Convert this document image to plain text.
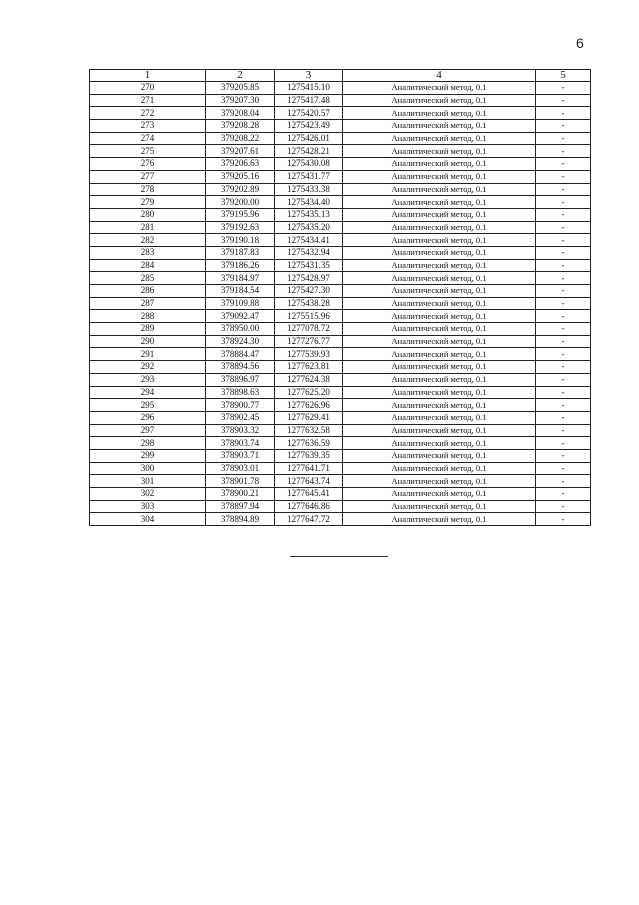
6
1	2	3	4	5
270	379205.85	1275415.10	Аналитический метод, 0.1	-
271	379207.30	1275417.48	Аналитический метод, 0.1	-
272	379208.04	1275420.57	Аналитический метод, 0.1	-
273	379208.28	1275423.49	Аналитический метод, 0.1	-
274	379208.22	1275426.01	Аналитический метод, 0.1	-
275	379207.61	1275428.21	Аналитический метод, 0.1	-
276	379206.63	1275430.08	Аналитический метод, 0.1	-
277	379205.16	1275431.77	Аналитический метод, 0.1	-
278	379202.89	1275433.38	Аналитический метод, 0.1	-
279	379200.00	1275434.40	Аналитический метод, 0.1	-
280	379195.96	1275435.13	Аналитический метод, 0.1	-
281	379192.63	1275435.20	Аналитический метод, 0.1	-
282	379190.18	1275434.41	Аналитический метод, 0.1	-
283	379187.83	1275432.94	Аналитический метод, 0.1	-
284	379186.26	1275431.35	Аналитический метод, 0.1	-
285	379184.97	1275428.97	Аналитический метод, 0.1	-
286	379184.54	1275427.30	Аналитический метод, 0.1	-
287	379109.88	1275438.28	Аналитический метод, 0.1	-
288	379092.47	1275515.96	Аналитический метод, 0.1	-
289	378950.00	1277078.72	Аналитический метод, 0.1	-
290	378924.30	1277276.77	Аналитический метод, 0.1	-
291	378884.47	1277539.93	Аналитический метод, 0.1	-
292	378894.56	1277623.81	Аналитический метод, 0.1	-
293	378896.97	1277624.38	Аналитический метод, 0.1	-
294	378898.63	1277625.20	Аналитический метод, 0.1	-
295	378900.77	1277626.96	Аналитический метод, 0.1	-
296	378902.45	1277629.41	Аналитический метод, 0.1	-
297	378903.32	1277632.58	Аналитический метод, 0.1	-
298	378903.74	1277636.59	Аналитический метод, 0.1	-
299	378903.71	1277639.35	Аналитический метод, 0.1	-
300	378903.01	1277641.71	Аналитический метод, 0.1	-
301	378901.78	1277643.74	Аналитический метод, 0.1	-
302	378900.21	1277645.41	Аналитический метод, 0.1	-
303	378897.94	1277646.86	Аналитический метод, 0.1	-
304	378894.89	1277647.72	Аналитический метод, 0.1	-
